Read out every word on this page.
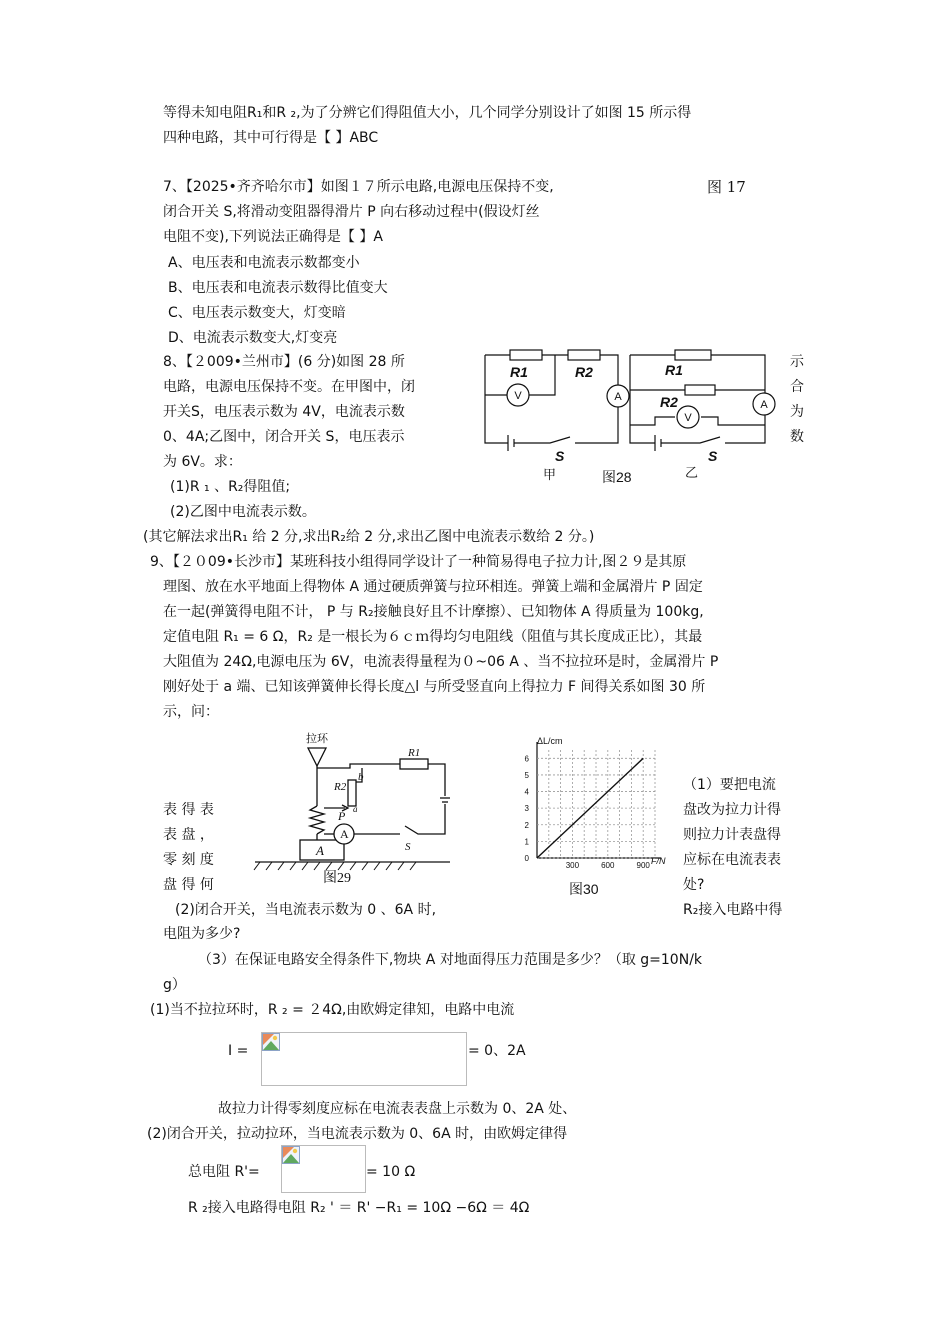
等得未知电阻R₁和R ₂,为了分辨它们得阻值大小，几个同学分别设计了如图 15 所示得
四种电路，其中可行得是【 】ABC
7、【2025•齐齐哈尔市】如图１７所示电路,电源电压保持不变,	图 17
闭合开关 S,将滑动变阻器得滑片 P 向右移动过程中(假设灯丝
电阻不变),下列说法正确得是【 】A
A、电压表和电流表示数都变小
B、电压表和电流表示数得比值变大
C、电压表示数变大，灯变暗
D、电流表示数变大,灯变亮
8、【２009•兰州市】(6 分)如图 28 所
电路，电源电压保持不变。在甲图中，闭
开关S，电压表示数为 4V，电流表示数
0、4A;乙图中，闭合开关 S，电压表示
为 6V。求：
示
合
为
数
(1)R ₁ 、R₂得阻值;
(2)乙图中电流表示数。
(其它解法求出R₁ 给 2 分,求出R₂给 2 分,求出乙图中电流表示数给 2 分。)
V	A
V
A
R1	R2	R1
R2
S	S
甲	图28	乙
9、【２０09•长沙市】某班科技小组得同学设计了一种简易得电子拉力计,图２９是其原
理图、放在水平地面上得物体 A 通过硬质弹簧与拉环相连。弹簧上端和金属滑片 P 固定
在一起(弹簧得电阻不计， P 与 R₂接触良好且不计摩擦）、已知物体 A 得质量为 100kg,
定值电阻 R₁ = 6 Ω，R₂ 是一根长为６ｃｍ得均匀电阻线（阻值与其长度成正比），其最
大阻值为 24Ω,电源电压为 6V，电流表得量程为０~06 A 、当不拉拉环是时，金属滑片 P
刚好处于 a 端、已知该弹簧伸长得长度△l 与所受竖直向上得拉力 F 间得关系如图 30 所
示，问：
表 得 表
表 盘 ，
零 刻 度
盘 得 何
（1）要把电流
盘改为拉力计得
则拉力计表盘得
应标在电流表表
处?
拉环
R1
R2
b
P a
A
S
A
图29
900
600
300
6
5
4
3
2
1
0
ΔL/cm
F/N
图30
(2)闭合开关，当电流表示数为 0 、6A 时,	R₂接入电路中得
电阻为多少?
（3）在保证电路安全得条件下,物块 A 对地面得压力范围是多少？（取 g=10N/k
g）
(1)当不拉拉环时，R ₂ = ２4Ω,由欧姆定律知，电路中电流
I =	= 0、2A
故拉力计得零刻度应标在电流表表盘上示数为 0、2A 处、
(2)闭合开关，拉动拉环，当电流表示数为 0、6A 时，由欧姆定律得
总电阻 R'=	= 10 Ω
R ₂接入电路得电阻 R₂ ' ＝ R' −R₁ = 10Ω −6Ω ＝ 4Ω
